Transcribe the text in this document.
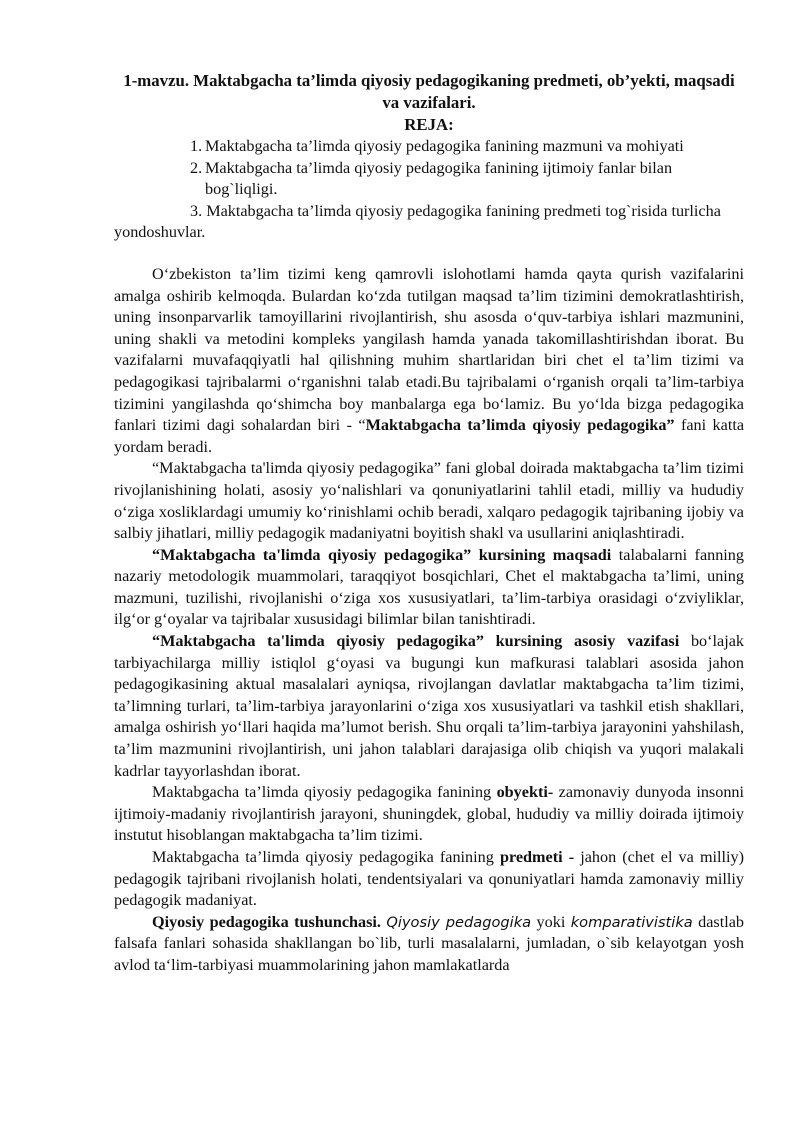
1-mavzu. Maktabgacha ta’limda qiyosiy pedagogikaning predmeti, ob’yekti, maqsadi va vazifalari.
REJA:
1. Maktabgacha ta’limda qiyosiy pedagogika fanining mazmuni va mohiyati
2. Maktabgacha ta’limda qiyosiy pedagogika fanining ijtimoiy fanlar bilan bog`liqligi.
3. Maktabgacha ta’limda qiyosiy pedagogika fanining predmeti tog`risida turlicha yondoshuvlar.

O‘zbekiston ta’lim tizimi keng qamrovli islohotlami hamda qayta qurish vazifalarini amalga oshirib kelmoqda. Bulardan ko‘zda tutilgan maqsad ta’lim tizimini demokratlashtirish, uning insonparvarlik tamoyillarini rivojlantirish, shu asosda o‘quv-tarbiya ishlari mazmunini, uning shakli va metodini kompleks yangilash hamda yanada takomillashtirishdan iborat. Bu vazifalarni muvafaqqiyatli hal qilishning muhim shartlaridan biri chet el ta’lim tizimi va pedagogikasi tajribalarmi o‘rganishni talab etadi.Bu tajribalami o‘rganish orqali ta’lim-tarbiya tizimini yangilashda qo‘shimcha boy manbalarga ega bo‘lamiz. Bu yo‘lda bizga pedagogika fanlari tizimi dagi sohalardan biri - “Maktabgacha ta’limda qiyosiy pedagogika” fani katta yordam beradi.

“Maktabgacha ta'limda qiyosiy pedagogika” fani global doirada maktabgacha ta’lim tizimi rivojlanishining holati, asosiy yo‘nalishlari va qonuniyatlarini tahlil etadi, milliy va hududiy o‘ziga xosliklardagi umumiy ko‘rinishlami ochib beradi, xalqaro pedagogik tajribaning ijobiy va salbiy jihatlari, milliy pedagogik madaniyatni boyitish shakl va usullarini aniqlashtiradi.

“Maktabgacha ta'limda qiyosiy pedagogika” kursining maqsadi talabalarni fanning nazariy metodologik muammolari, taraqqiyot bosqichlari, Chet el maktabgacha ta’limi, uning mazmuni, tuzilishi, rivojlanishi o‘ziga xos xususiyatlari, ta’lim-tarbiya orasidagi o‘zviyliklar, ilg‘or g‘oyalar va tajribalar xususidagi bilimlar bilan tanishtiradi.

“Maktabgacha ta'limda qiyosiy pedagogika” kursining asosiy vazifasi bo‘lajak tarbiyachilarga milliy istiqlol g‘oyasi va bugungi kun mafkurasi talablari asosida jahon pedagogikasining aktual masalalari ayniqsa, rivojlangan davlatlar maktabgacha ta’lim tizimi, ta’limning turlari, ta’lim-tarbiya jarayonlarini o‘ziga xos xususiyatlari va tashkil etish shakllari, amalga oshirish yo‘llari haqida ma’lumot berish. Shu orqali ta’lim-tarbiya jarayonini yahshilash, ta’lim mazmunini rivojlantirish, uni jahon talablari darajasiga olib chiqish va yuqori malakali kadrlar tayyorlashdan iborat.

Maktabgacha ta’limda qiyosiy pedagogika fanining obyekti- zamonaviy dunyoda insonni ijtimoiy-madaniy rivojlantirish jarayoni, shuningdek, global, hududiy va milliy doirada ijtimoiy instutut hisoblangan maktabgacha ta’lim tizimi.

Maktabgacha ta’limda qiyosiy pedagogika fanining predmeti - jahon (chet el va milliy) pedagogik tajribani rivojlanish holati, tendentsiyalari va qonuniyatlari hamda zamonaviy milliy pedagogik madaniyat.

Qiyosiy pedagogika tushunchasi. Qiyosiy pedagogika yoki komparativistika dastlab falsafa fanlari sohasida shakllangan bo`lib, turli masalalarni, jumladan, o`sib kelayotgan yosh avlod ta‘lim-tarbiyasi muammolarining jahon mamlakatlarda
